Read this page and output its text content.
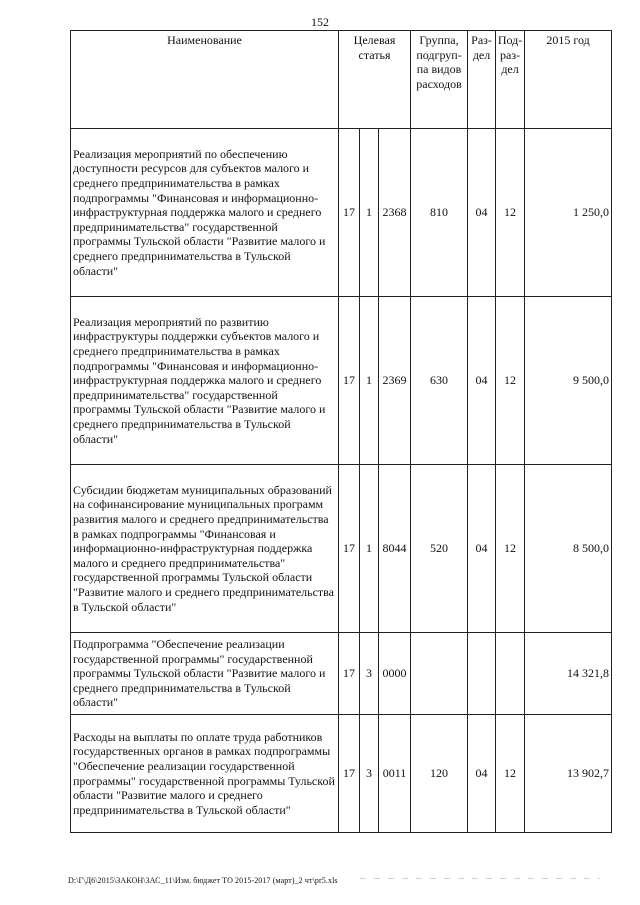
152
Наименование	Целевая статья			Группа, подгруп-па видов расходов	Раз-дел	Под-раз-дел	2015 год
Реализация мероприятий по обеспечению доступности ресурсов для субъектов малого и среднего предпринимательства в рамках подпрограммы "Финансовая и информационно-инфраструктурная поддержка малого и среднего предпринимательства" государственной программы Тульской области "Развитие малого и среднего предпринимательства в Тульской области"	17	1	2368	810	04	12	1 250,0
Реализация мероприятий по развитию инфраструктуры поддержки субъектов малого и среднего предпринимательства в рамках подпрограммы "Финансовая и информационно-инфраструктурная поддержка малого и среднего предпринимательства" государственной программы Тульской области "Развитие малого и среднего предпринимательства в Тульской области"	17	1	2369	630	04	12	9 500,0
Субсидии бюджетам муниципальных образований на софинансирование муниципальных программ развития малого и среднего предпринимательства в рамках подпрограммы "Финансовая и информационно-инфраструктурная поддержка малого и среднего предпринимательства" государственной программы Тульской области "Развитие малого и среднего предпринимательства в Тульской области"	17	1	8044	520	04	12	8 500,0
Подпрограмма "Обеспечение реализации государственной программы" государственной программы Тульской области "Развитие малого и среднего предпринимательства в Тульской области"	17	3	0000				14 321,8
Расходы на выплаты по оплате труда работников государственных органов в рамках подпрограммы "Обеспечение реализации государственной программы" государственной программы Тульской области "Развитие малого и среднего предпринимательства в Тульской области"	17	3	0011	120	04	12	13 902,7
D:\Г\Д6\2015\ЗАКОН\ЗАС_11\Изм. бюджет ТО 2015-2017 (март)_2 чт\pr5.xls
